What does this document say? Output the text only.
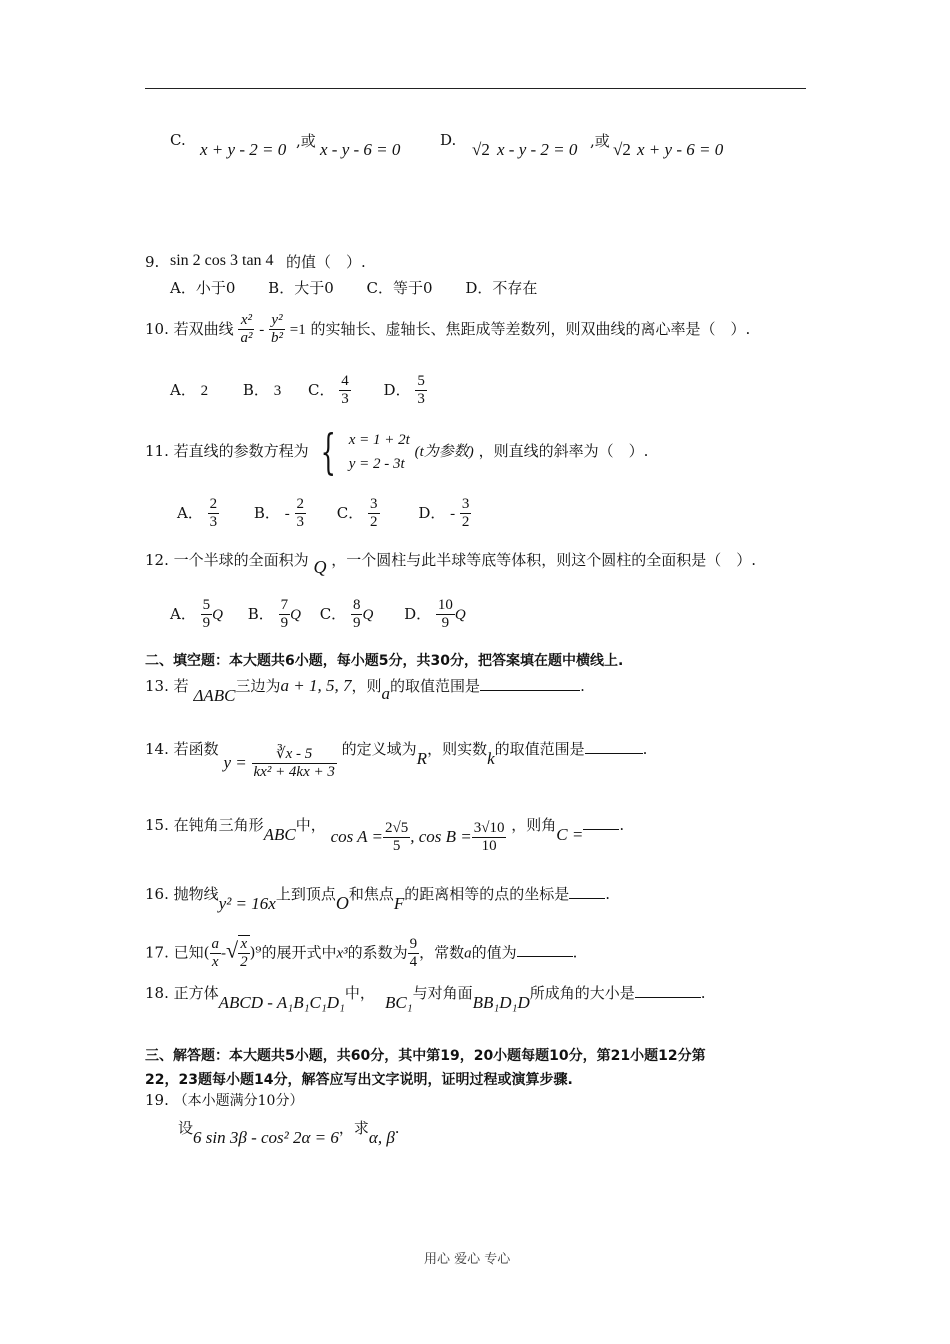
C. x + y - 2 = 0 ,或 x - y - 6 = 0	D. √2 x - y - 2 = 0 ,或 √2 x + y - 6 = 0
9. sin 2 cos 3 tan 4 的值（　）.
A．小于0 B．大于0 C．等于0 D．不存在
10. 若双曲线 $\frac{\text{x²}}{\text{a²}} - \frac{\text{y²}}{\text{b²}} =1$ 的实轴长、虚轴长、焦距成等差数列，则双曲线的离心率是（　）.
A． 2 B． 3 C． $\frac{4}{3}$ D． $\frac{5}{3}$
11. 若直线的参数方程为 { x = 1 + 2t
y = 2 - 3t
(t为参数) ，则直线的斜率为（　）.
A． $\frac{2}{3}$ B． - $\frac{2}{3}$ C． $\frac{3}{2}$	D． - $\frac{3}{2}$
12. 一个半球的全面积为 Q ，一个圆柱与此半球等底等体积，则这个圆柱的全面积是（　）.
A． $\frac{5}{9}$ Q B． $\frac{7}{9}$ Q C． $\frac{8}{9}$ Q D． $\frac{10}{9}$ Q
二、填空题：本大题共6小题，每小题5分，共30分，把答案填在题中横线上.
13. 若 ΔABC三边为a + 1, 5, 7，则a的取值范围是	.
14. 若函数 $y = \frac{∛x - 5}{\text{kx² + 4kx + 3}}$ 的定义域为R，则实数k的取值范围是	.
15. 在钝角三角形ABC中， $\cos A = \frac{2√5}{5}$ , $\cos B = \frac{3√10}{10}$ ，则角C = .
16. 抛物线y² = 16x上到顶点O和焦点F的距离相等的点的坐标是 .
17. 已知( $\frac{a}{x}$ -√ $\frac{x}{2} )^9$的展开式中x³的系数为 $\frac{9}{4}$ ，常数a的值为	.
18. 正方体ABCD - A₁B₁C₁D₁中， BC₁与对角面BB₁D₁D所成角的大小是	.
三、解答题：本大题共5小题，共60分，其中第19，20小题每题10分，第21小题12分第
22，23题每小题14分，解答应写出文字说明，证明过程或演算步骤.
19. （本小题满分10分）
设6 sin 3β - cos² 2α = 6，求α, β.
用心 爱心 专心
